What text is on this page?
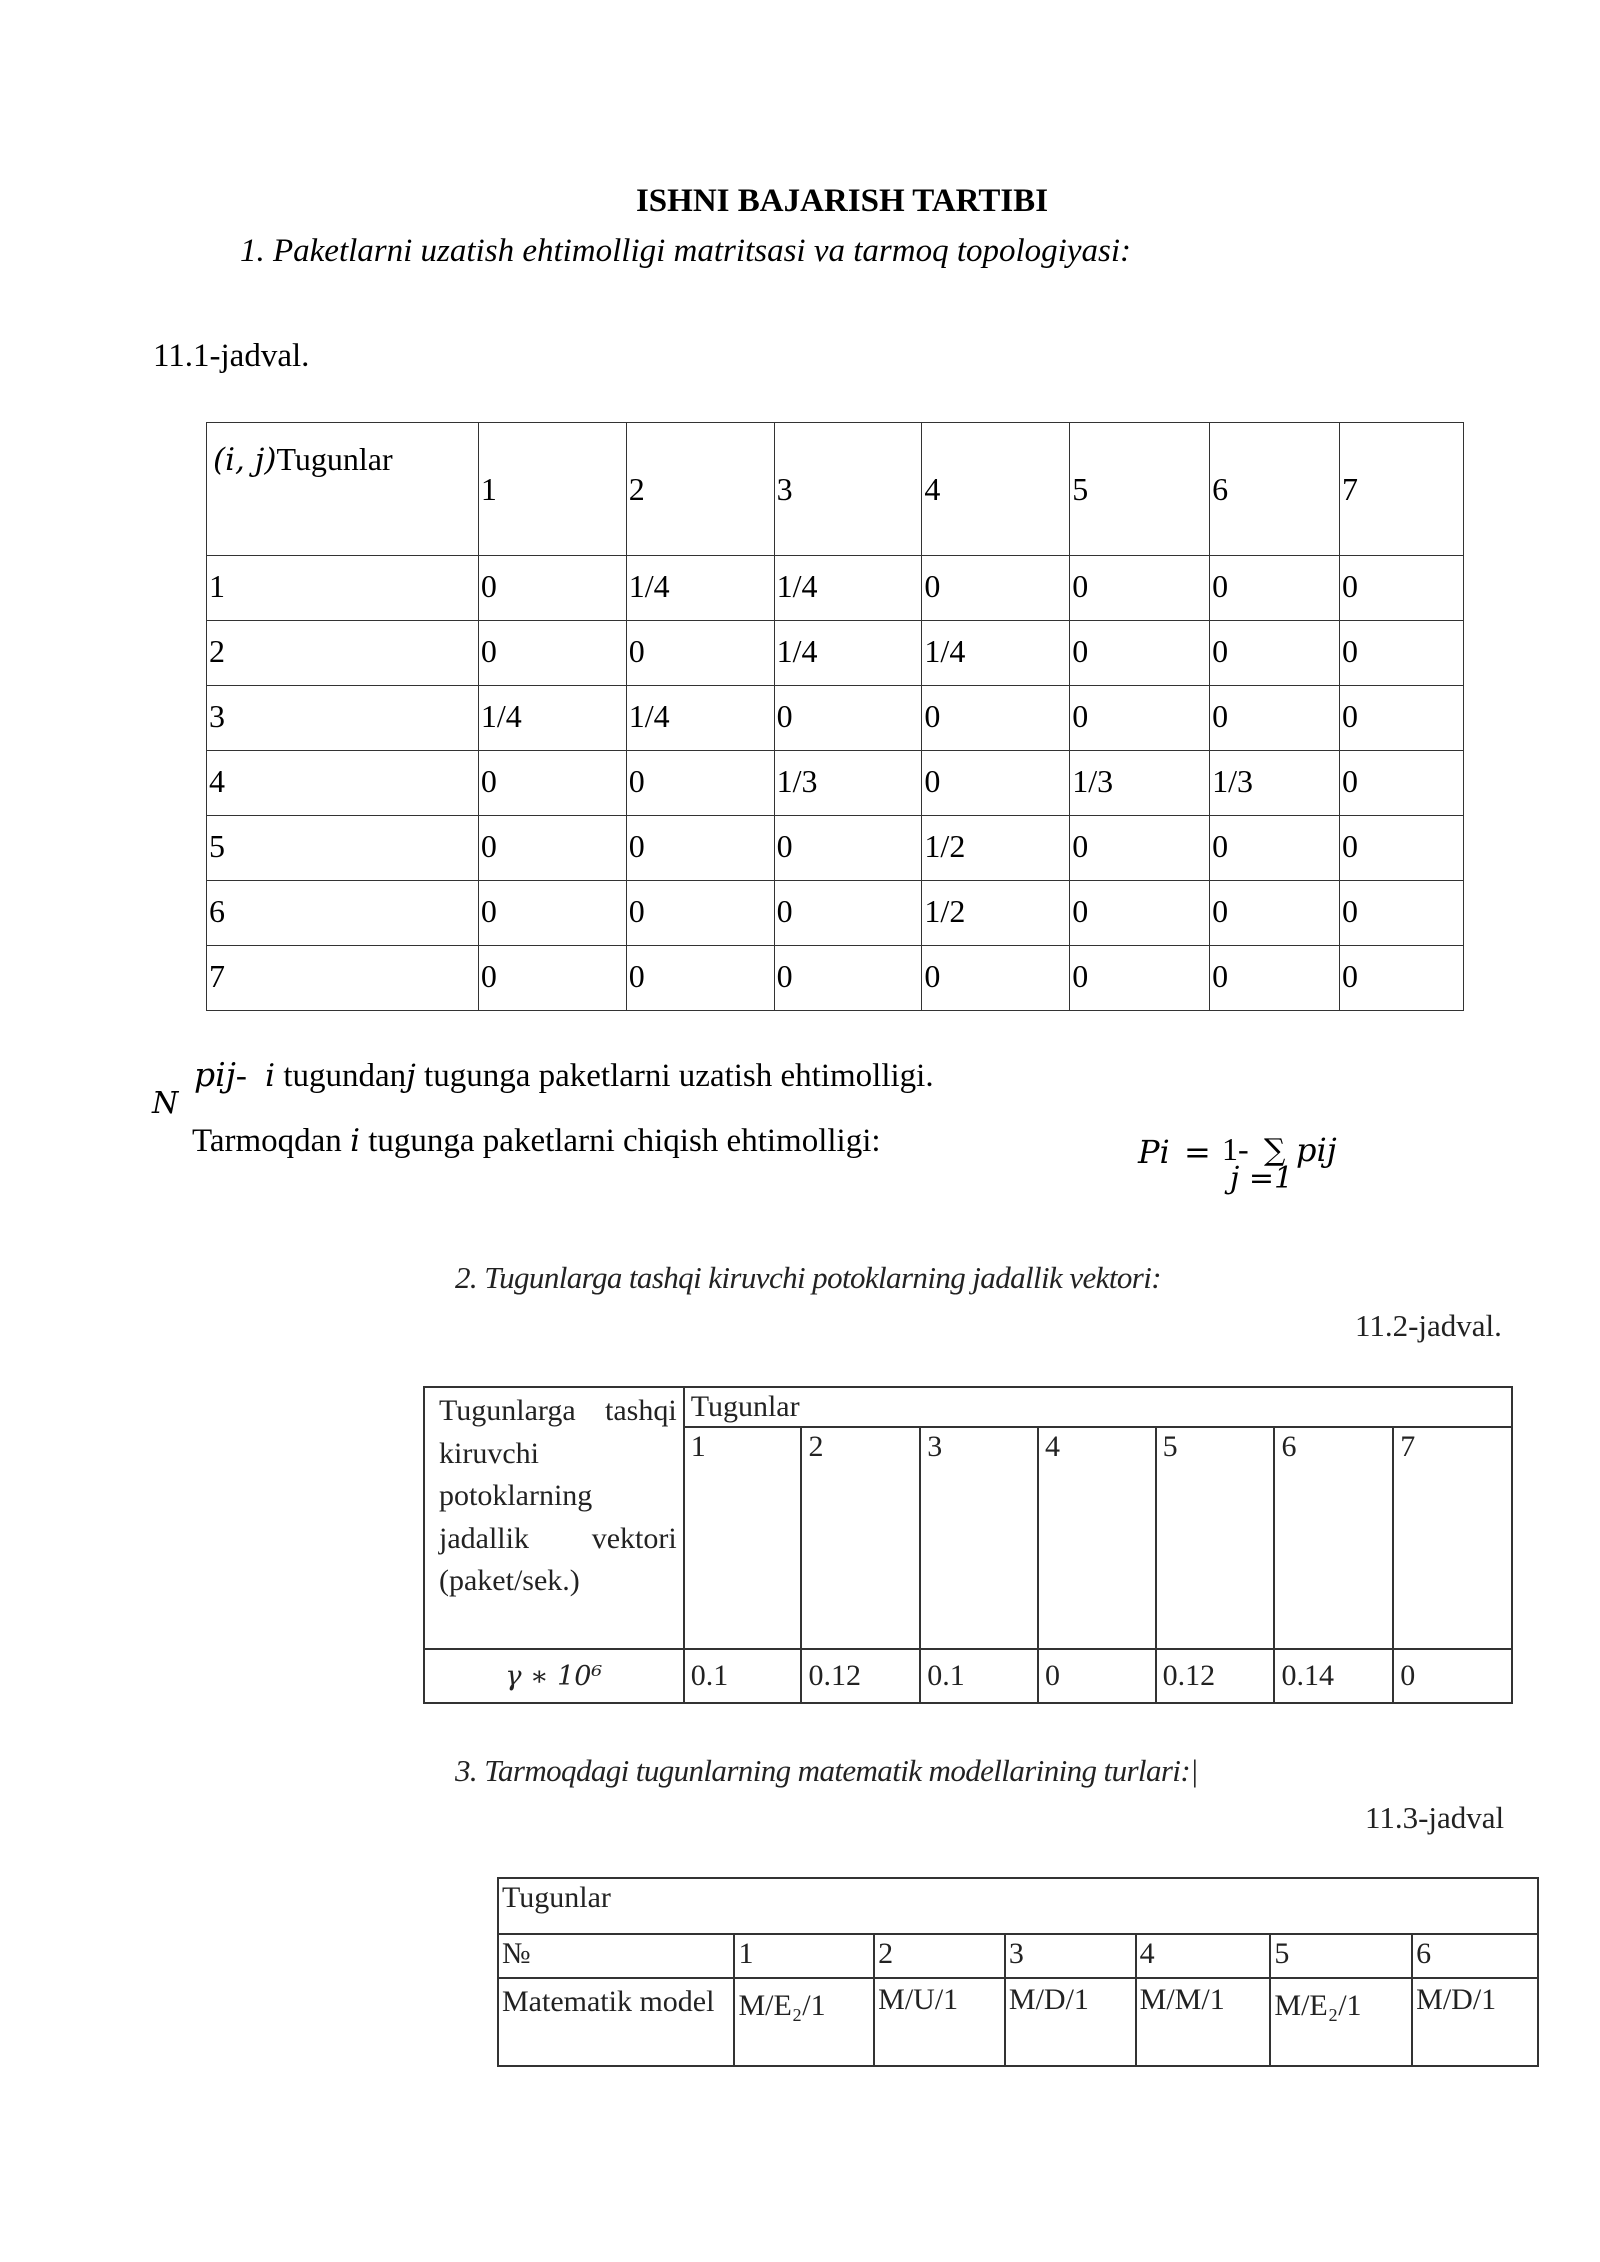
ISHNI BAJARISH TARTIBI
1. Paketlarni uzatish ehtimolligi matritsasi va tarmoq topologiyasi:
11.1-jadval.
(i, j)Tugunlar	1	2	3	4	5	6	7
1	0	1/4	1/4	0	0	0	0
2	0	0	1/4	1/4	0	0	0
3	1/4	1/4	0	0	0	0	0
4	0	0	1/3	0	1/3	1/3	0
5	0	0	0	1/2	0	0	0
6	0	0	0	1/2	0	0	0
7	0	0	0	0	0	0	0
N
pij- i tugundanj tugunga paketlarni uzatish ehtimolligi.
Tarmoqdan i tugunga paketlarni chiqish ehtimolligi:	Pi = 1- ∑ pij
j =1
2. Tugunlarga tashqi kiruvchi potoklarning jadallik vektori:
11.2-jadval.
Tugunlarga tashqi kiruvchi potoklarning jadallik vektori (paket/sek.)	Tugunlar						
	1	2	3	4	5	6	7
γ ∗ 10⁶	0.1	0.12	0.1	0	0.12	0.14	0
3. Tarmoqdagi tugunlarning matematik modellarining turlari:|
11.3-jadval
Tugunlar						
№	1	2	3	4	5	6
Matematik model	M/E₂/1	M/U/1	M/D/1	M/M/1	M/E₂/1	M/D/1
